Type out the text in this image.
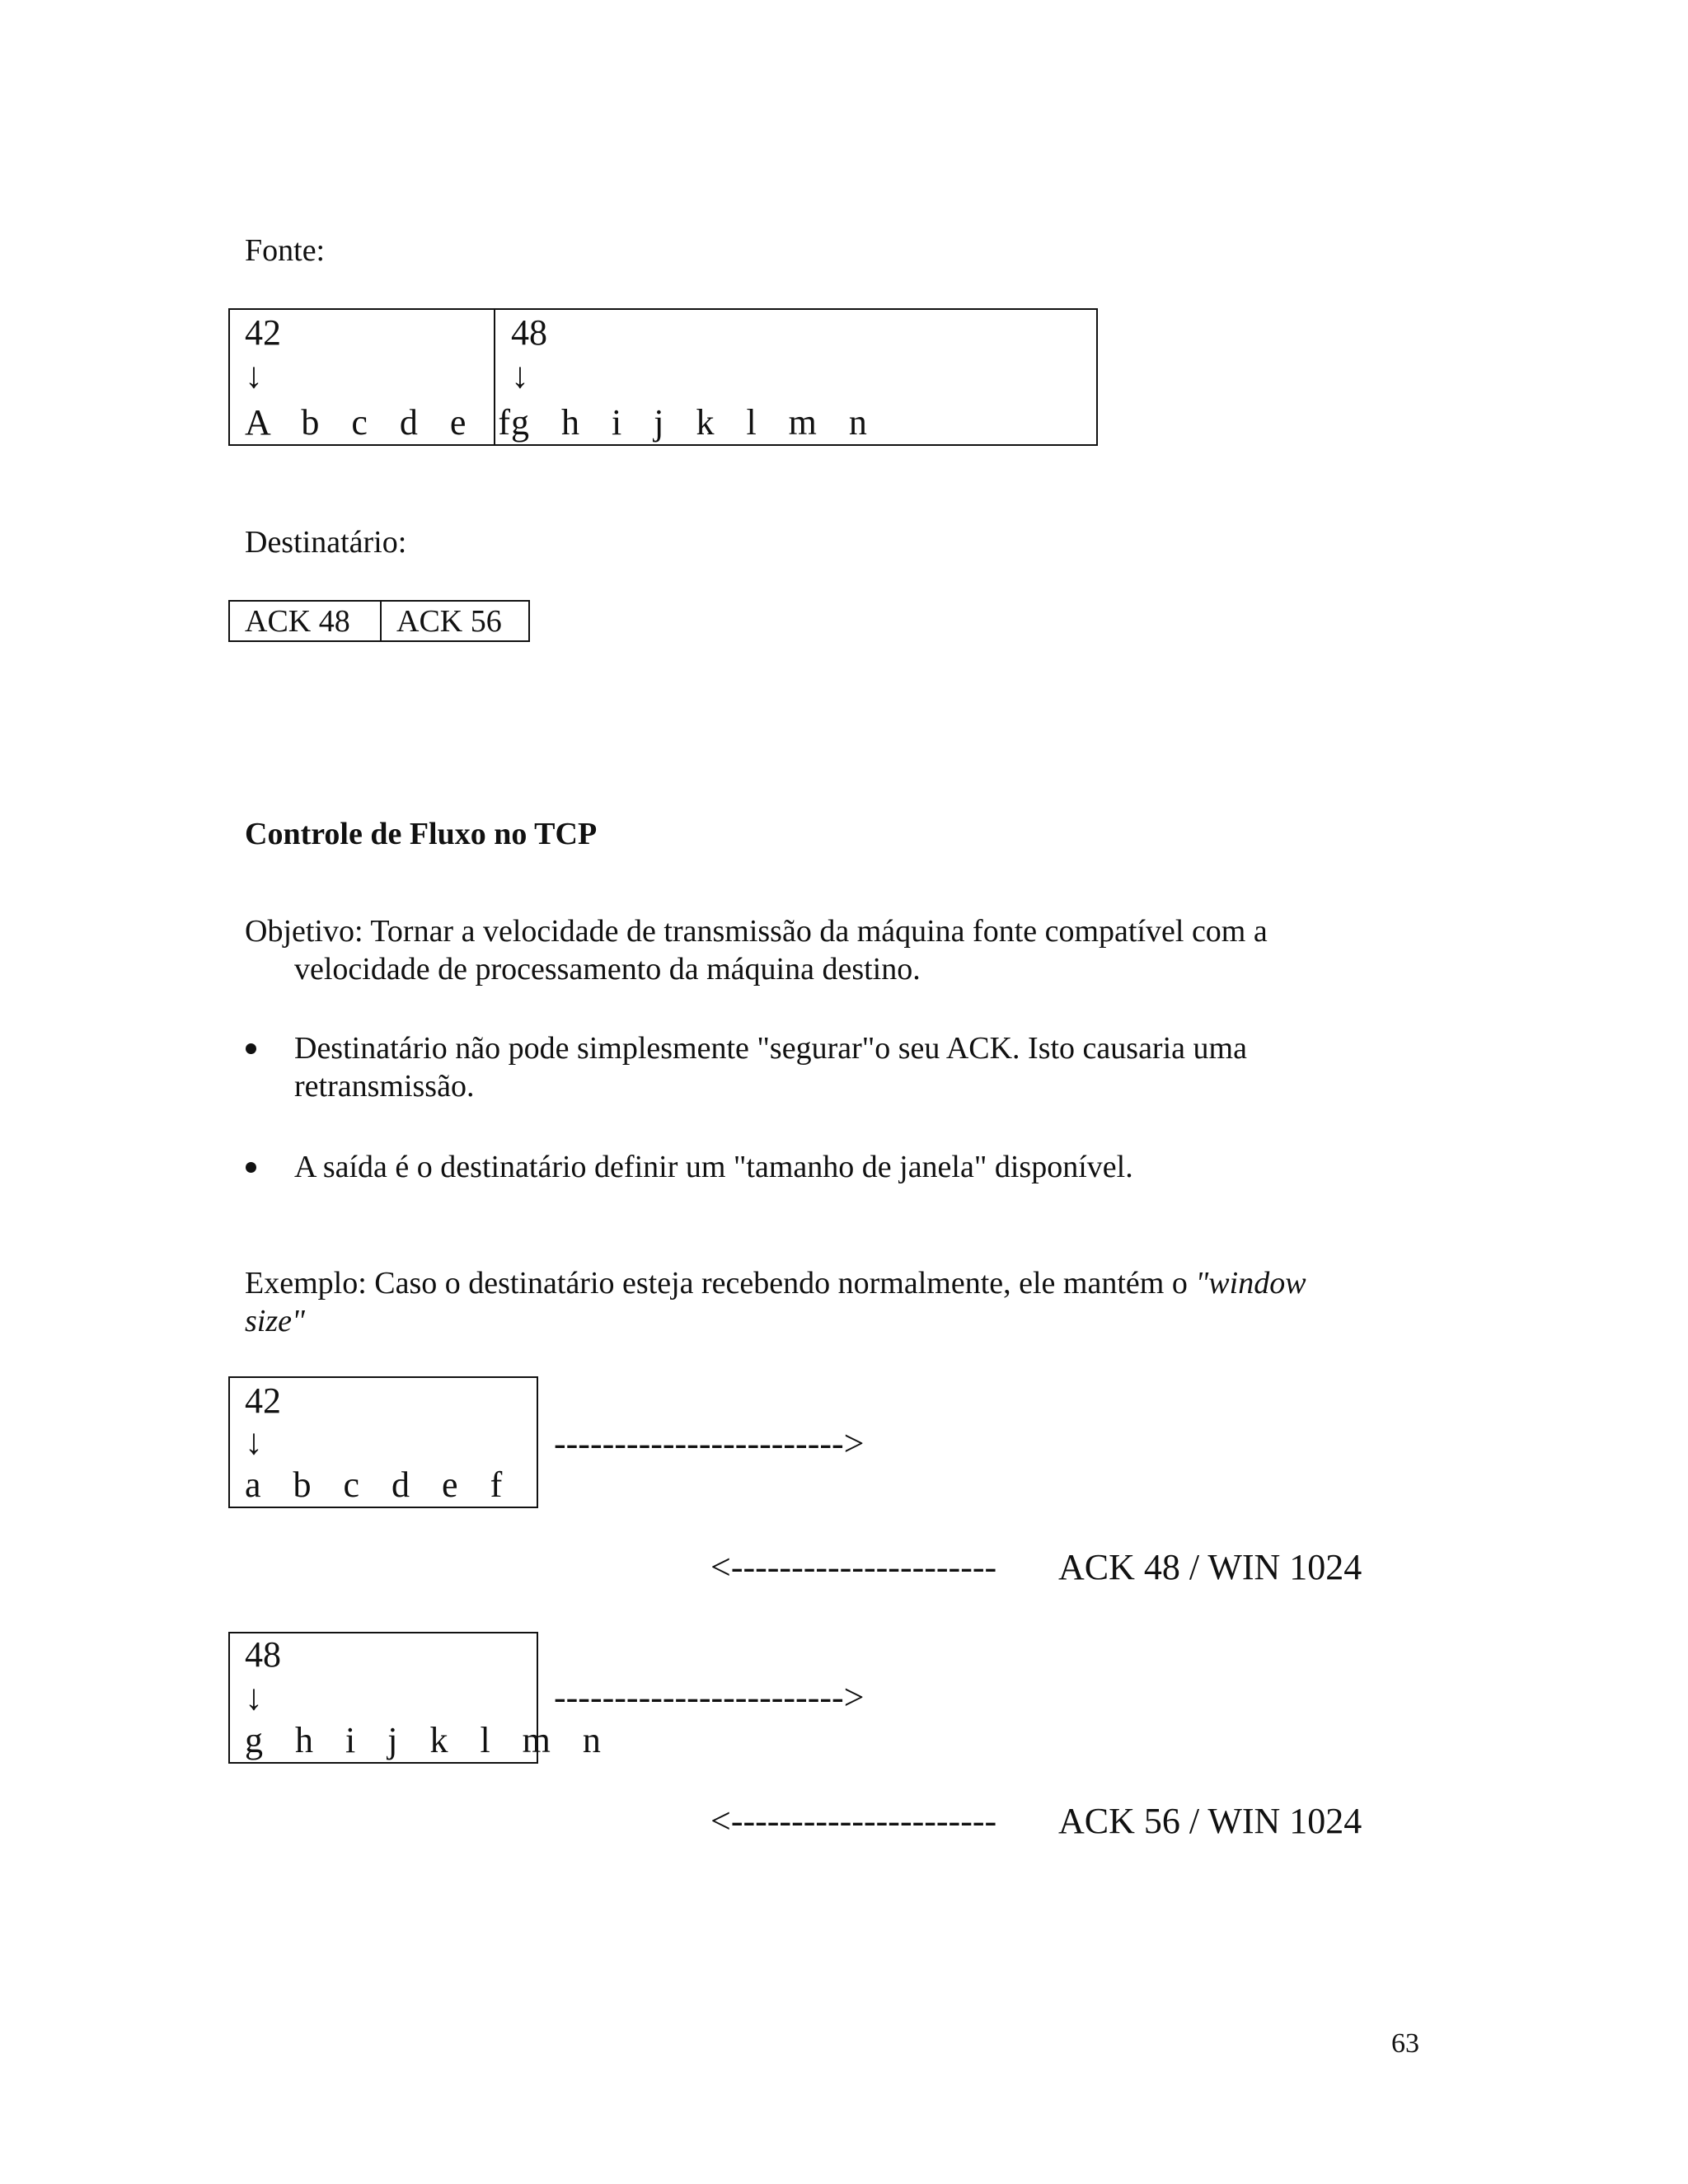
Fonte:
42
↓
A b c d e f
48
↓
g h i j k l m n
Destinatário:
ACK 48 ACK 56
Controle de Fluxo no TCP
Objetivo: Tornar a velocidade de transmissão da máquina fonte compatível com a
velocidade de processamento da máquina destino.
Destinatário não pode simplesmente "segurar"o seu ACK. Isto causaria uma
retransmissão.
A saída é o destinatário definir um "tamanho de janela" disponível.
Exemplo: Caso o destinatário esteja recebendo normalmente, ele mantém o "window
size"
42
↓
a b c d e f
------------------------>
<---------------------- ACK 48 / WIN 1024
48
↓
g h i j k l m n
------------------------>
<---------------------- ACK 56 / WIN 1024
63
